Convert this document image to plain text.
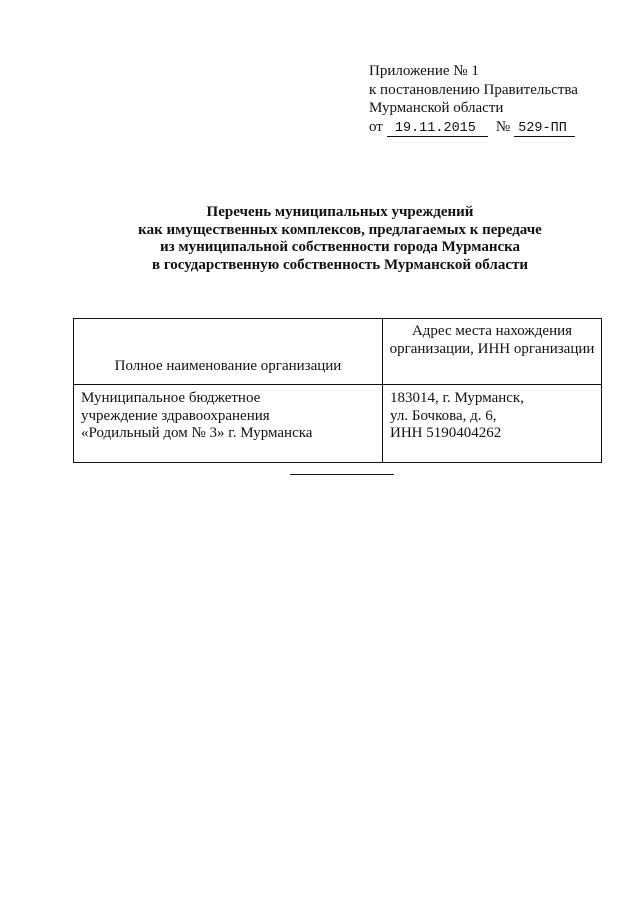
Приложение № 1
к постановлению Правительства
Мурманской области
от 19.11.2015 № 529-ПП
Перечень муниципальных учреждений
как имущественных комплексов, предлагаемых к передаче
из муниципальной собственности города Мурманска
в государственную собственность Мурманской области
Полное наименование организации	Адрес места нахождения
организации, ИНН организации

Муниципальное бюджетное
учреждение здравоохранения
«Родильный дом № 3» г. Мурманска	183014, г. Мурманск,
ул. Бочкова, д. 6,
ИНН 5190404262
